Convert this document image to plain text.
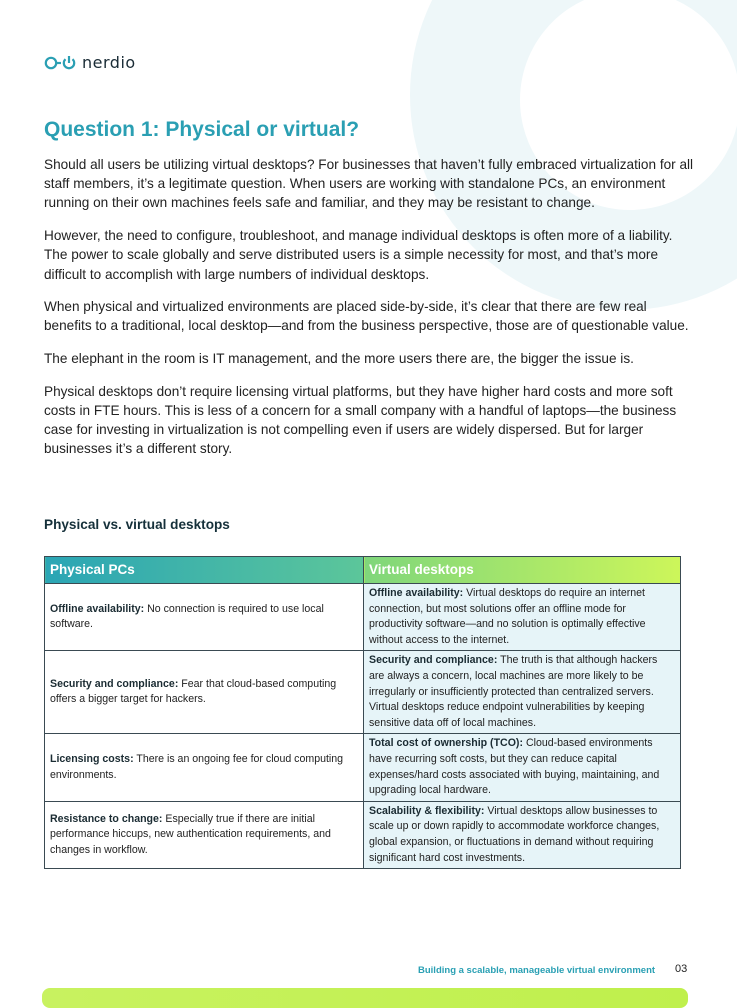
nerdio
Question 1: Physical or virtual?

Should all users be utilizing virtual desktops? For businesses that haven’t fully embraced virtualization for all staff members, it’s a legitimate question. When users are working with standalone PCs, an environment running on their own machines feels safe and familiar, and they may be resistant to change.

However, the need to configure, troubleshoot, and manage individual desktops is often more of a liability. The power to scale globally and serve distributed users is a simple necessity for most, and that’s more difficult to accomplish with large numbers of individual desktops.

When physical and virtualized environments are placed side-by-side, it’s clear that there are few real benefits to a traditional, local desktop—and from the business perspective, those are of questionable value.

The elephant in the room is IT management, and the more users there are, the bigger the issue is.

Physical desktops don’t require licensing virtual platforms, but they have higher hard costs and more soft costs in FTE hours. This is less of a concern for a small company with a handful of laptops—the business case for investing in virtualization is not compelling even if users are widely dispersed. But for larger businesses it’s a different story.

Physical vs. virtual desktops
Physical PCs	Virtual desktops
Offline availability: No connection is required to use local software.	Offline availability: Virtual desktops do require an internet connection, but most solutions offer an offline mode for productivity software—and no solution is optimally effective without access to the internet.
Security and compliance: Fear that cloud-based computing offers a bigger target for hackers.	Security and compliance: The truth is that although hackers are always a concern, local machines are more likely to be irregularly or insufficiently protected than centralized servers. Virtual desktops reduce endpoint vulnerabilities by keeping sensitive data off of local machines.
Licensing costs: There is an ongoing fee for cloud computing environments.	Total cost of ownership (TCO): Cloud-based environments have recurring soft costs, but they can reduce capital expenses/hard costs associated with buying, maintaining, and upgrading local hardware.
Resistance to change: Especially true if there are initial performance hiccups, new authentication requirements, and changes in workflow.	Scalability & flexibility: Virtual desktops allow businesses to scale up or down rapidly to accommodate workforce changes, global expansion, or fluctuations in demand without requiring significant hard cost investments.
Building a scalable, manageable virtual environment 03
